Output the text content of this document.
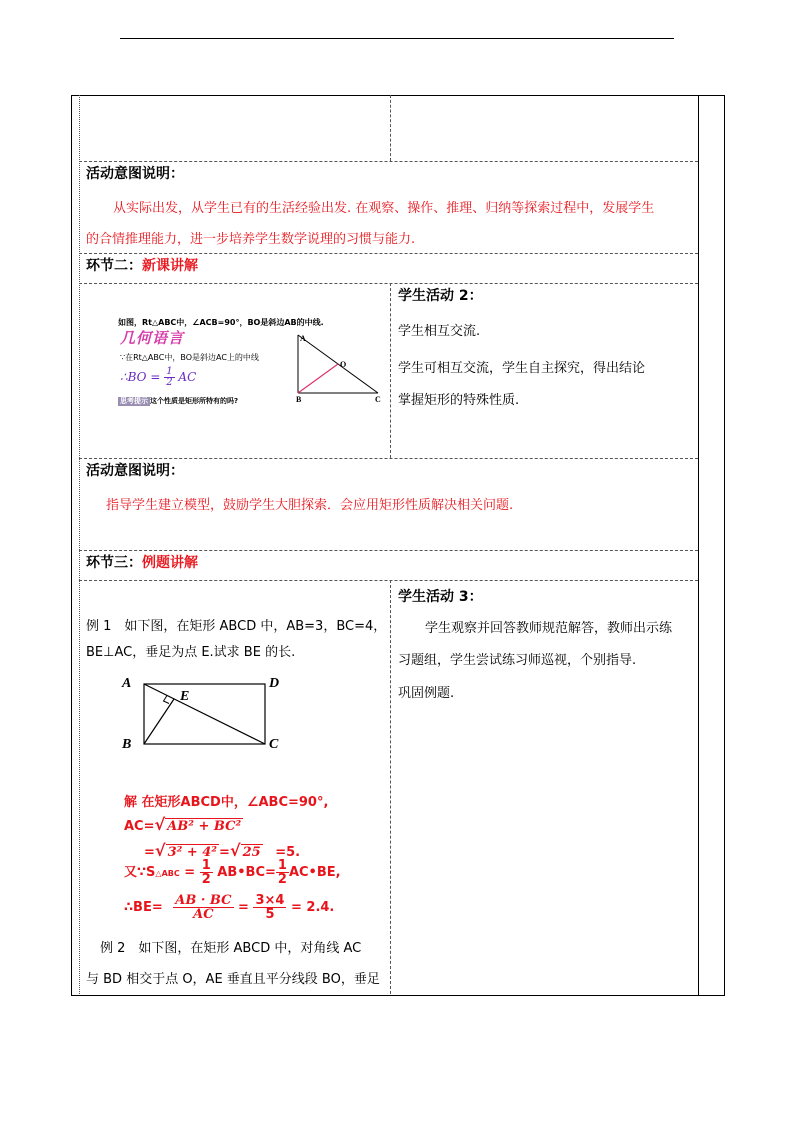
活动意图说明：
从实际出发，从学生已有的生活经验出发. 在观察、操作、推理、归纳等探索过程中，发展学生
的合情推理能力，进一步培养学生数学说理的习惯与能力.
环节二：新课讲解
如图，Rt△ABC中，∠ACB=90°，BO是斜边AB的中线.
几何语言
∵在Rt△ABC中，BO是斜边AC上的中线
∴BO = $\frac{1}{2}$ AC
思考提示 这个性质是矩形所特有的吗?
A
O
B	C
学生活动 2：
学生相互交流.
学生可相互交流，学生自主探究，得出结论
掌握矩形的特殊性质.
活动意图说明：
指导学生建立模型，鼓励学生大胆探索．会应用矩形性质解决相关问题.
环节三：例题讲解
例 1　如下图，在矩形 ABCD 中，AB=3，BC=4，
BE⊥AC，垂足为点 E.试求 BE 的长.
A	D
E
B	C
解 在矩形ABCD中，∠ABC=90°,
AC=√ AB² + BC²
=√ 3² + 4² =√ 25 =5.
又∵S△ABC = $\frac{1}{2}$ AB•BC= $\frac{1}{2}$ AC•BE,
∴BE= $\frac{AB \cdot BC}{AC} = \frac{3\times 4}{5} = 2.4$.
例 2　如下图，在矩形 ABCD 中，对角线 AC
与 BD 相交于点 O，AE 垂直且平分线段 BO，垂足
学生活动 3：
学生观察并回答教师规范解答，教师出示练
习题组，学生尝试练习师巡视，个别指导.
巩固例题.
